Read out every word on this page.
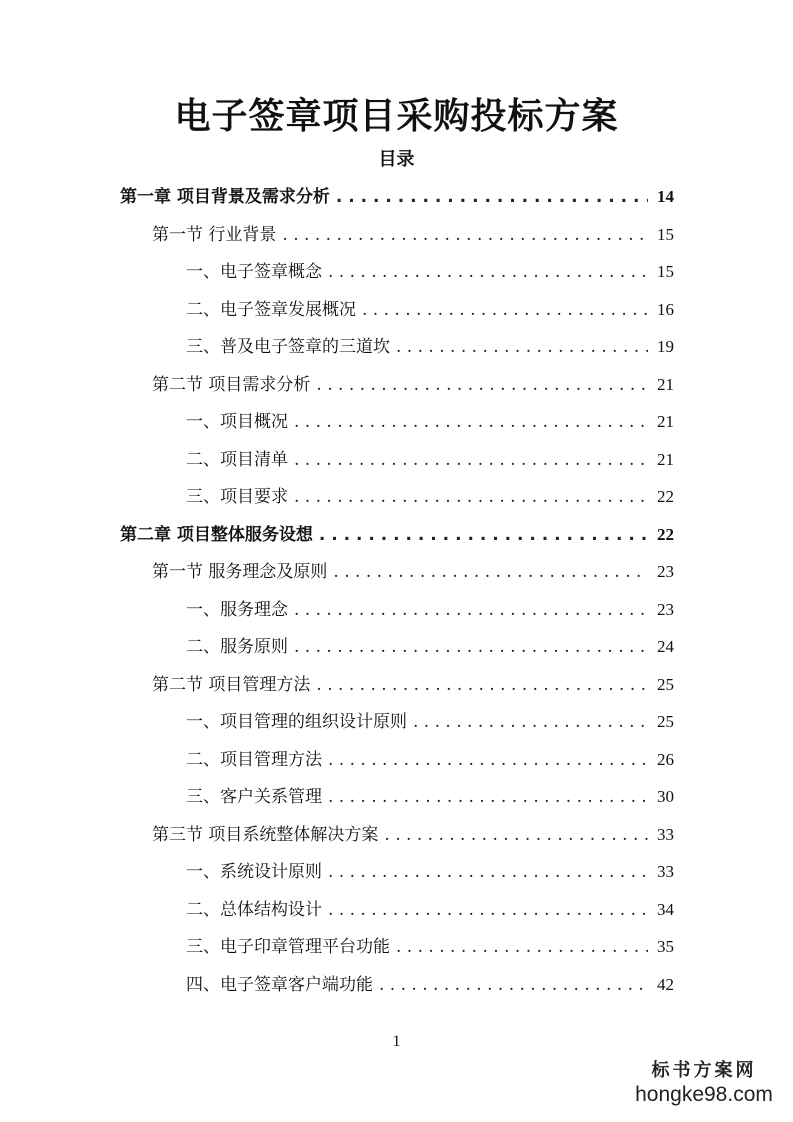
电子签章项目采购投标方案
目录
第一章 项目背景及需求分析 . . .	14
第一节 行业背景 . . .	15
一、电子签章概念 . . .	15
二、电子签章发展概况 . . .	16
三、普及电子签章的三道坎 . . .	19
第二节 项目需求分析 . . .	21
一、项目概况 . . .	21
二、项目清单 . . .	21
三、项目要求 . . .	22
第二章 项目整体服务设想 . . .	22
第一节 服务理念及原则 . . .	23
一、服务理念 . . .	23
二、服务原则 . . .	24
第二节 项目管理方法 . . .	25
一、项目管理的组织设计原则 . . .	25
二、项目管理方法 . . .	26
三、客户关系管理 . . .	30
第三节 项目系统整体解决方案 . . .	33
一、系统设计原则 . . .	33
二、总体结构设计 . . .	34
三、电子印章管理平台功能 . . .	35
四、电子签章客户端功能 . . .	42
1
标书方案网
hongke98.com
